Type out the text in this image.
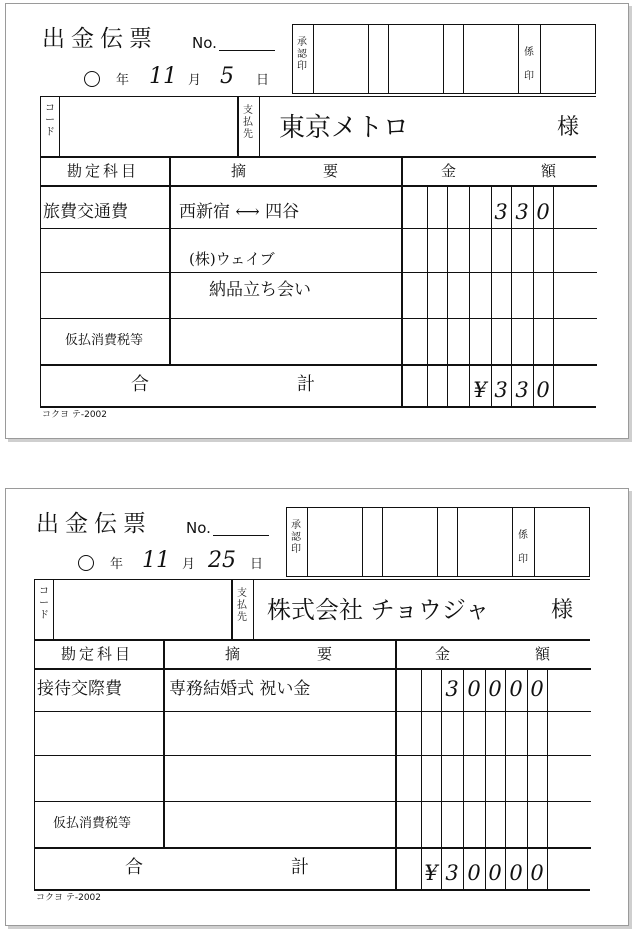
出金伝票 No.
年 11 月 5 日
承認印
係印
コード
支払先 東京メトロ	様
勘定科目	摘	要	金	額
旅費交通費	西新宿 ⟷ 四谷	3 3 0
(株)ウェイブ
納品立ち会い
仮払消費税等
合	計	¥ 3 3 0
コクヨ テ-2002
出金伝票 No.
年 11 月 25 日
承認印
係印
コード
支払先 株式会社 チョウジャ	様
勘定科目	摘	要	金	額
接待交際費	専務結婚式 祝い金	3 0 0 0 0
仮払消費税等
合	計	¥ 3 0 0 0 0
コクヨ テ-2002
